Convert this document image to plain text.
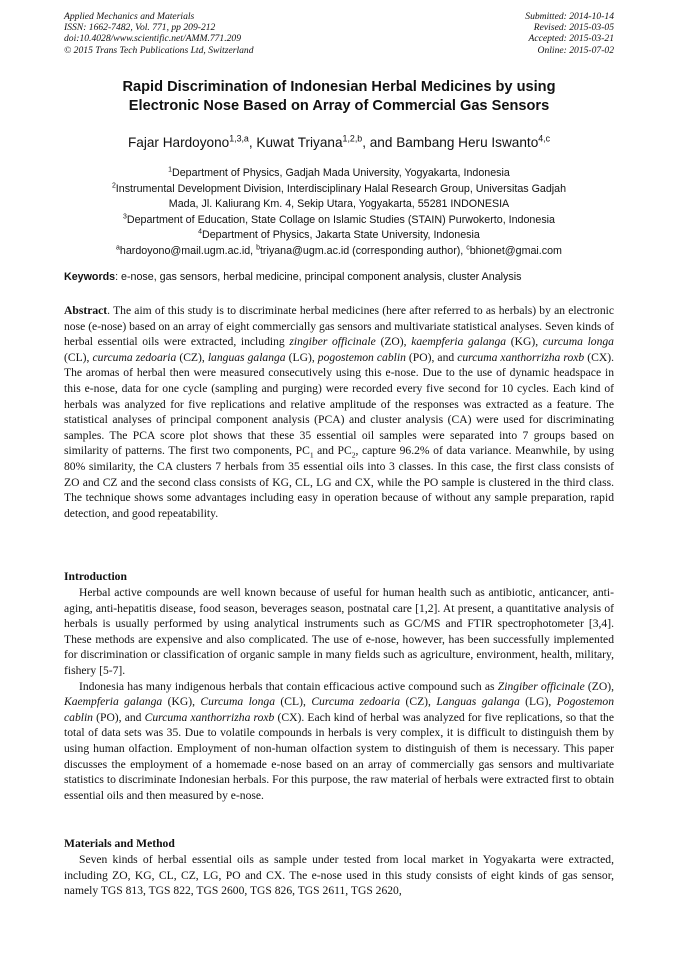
Applied Mechanics and Materials
ISSN: 1662-7482, Vol. 771, pp 209-212
doi:10.4028/www.scientific.net/AMM.771.209
© 2015 Trans Tech Publications Ltd, Switzerland
Submitted: 2014-10-14
Revised: 2015-03-05
Accepted: 2015-03-21
Online: 2015-07-02
Rapid Discrimination of Indonesian Herbal Medicines by using
Electronic Nose Based on Array of Commercial Gas Sensors
Fajar Hardoyono$^{1,3,a}$, Kuwat Triyana$^{1,2,b}$, and Bambang Heru Iswanto$^{4,c}$
$^1$Department of Physics, Gadjah Mada University, Yogyakarta, Indonesia
$^2$Instrumental Development Division, Interdisciplinary Halal Research Group, Universitas Gadjah
Mada, Jl. Kaliurang Km. 4, Sekip Utara, Yogyakarta, 55281 INDONESIA
$^3$Department of Education, State Collage on Islamic Studies (STAIN) Purwokerto, Indonesia
$^4$Department of Physics, Jakarta State University, Indonesia
$^a$hardoyono@mail.ugm.ac.id, $^b$triyana@ugm.ac.id (corresponding author), $^c$bhionet@gmai.com
Keywords: e-nose, gas sensors, herbal medicine, principal component analysis, cluster Analysis

Abstract. The aim of this study is to discriminate herbal medicines (here after referred to as herbals) by an electronic nose (e-nose) based on an array of eight commercially gas sensors and multivariate statistical analyses. Seven kinds of herbal essential oils were extracted, including zingiber officinale (ZO), kaempferia galanga (KG), curcuma longa (CL), curcuma zedoaria (CZ), languas galanga (LG), pogostemon cablin (PO), and curcuma xanthorrizha roxb (CX). The aromas of herbal then were measured consecutively using this e-nose. Due to the use of dynamic headspace in this e-nose, data for one cycle (sampling and purging) were recorded every five second for 10 cycles. Each kind of herbals was analyzed for five replications and relative amplitude of the responses was extracted as a feature. The statistical analyses of principal component analysis (PCA) and cluster analysis (CA) were used for discriminating samples. The PCA score plot shows that these 35 essential oil samples were separated into 7 groups based on similarity of patterns. The first two components, $PC_1$ and $PC_2$, capture 96.2% of data variance. Meanwhile, by using 80% similarity, the CA clusters 7 herbals from 35 essential oils into 3 classes. In this case, the first class consists of ZO and CZ and the second class consists of KG, CL, LG and CX, while the PO sample is clustered in the third class. The technique shows some advantages including easy in operation because of without any sample preparation, rapid detection, and good repeatability.

Introduction

Herbal active compounds are well known because of useful for human health such as antibiotic, anticancer, anti-aging, anti-hepatitis disease, food season, beverages season, postnatal care [1,2]. At present, a quantitative analysis of herbals is usually performed by using analytical instruments such as GC/MS and FTIR spectrophotometer [3,4]. These methods are expensive and also complicated. The use of e-nose, however, has been successfully implemented for discrimination or classification of organic sample in many fields such as agriculture, environment, health, military, fishery [5-7].

Indonesia has many indigenous herbals that contain efficacious active compound such as Zingiber officinale (ZO), Kaempferia galanga (KG), Curcuma longa (CL), Curcuma zedoaria (CZ), Languas galanga (LG), Pogostemon cablin (PO), and Curcuma xanthorrizha roxb (CX). Each kind of herbal was analyzed for five replications, so that the total of data sets was 35. Due to volatile compounds in herbals is very complex, it is difficult to distinguish them by using human olfaction. Employment of non-human olfaction system to distinguish of them is necessary. This paper discusses the employment of a homemade e-nose based on an array of commercially gas sensors and multivariate statistics to discriminate Indonesian herbals. For this purpose, the raw material of herbals were extracted first to obtain essential oils and then measured by e-nose.

Materials and Method

Seven kinds of herbal essential oils as sample under tested from local market in Yogyakarta were extracted, including ZO, KG, CL, CZ, LG, PO and CX. The e-nose used in this study consists of eight kinds of gas sensor, namely TGS 813, TGS 822, TGS 2600, TGS 826, TGS 2611, TGS 2620,
